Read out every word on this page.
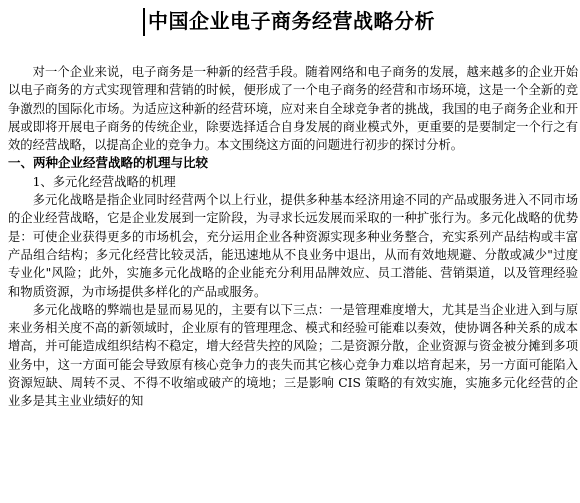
中国企业电子商务经营战略分析

对一个企业来说，电子商务是一种新的经营手段。随着网络和电子商务的发展，越来越多的企业开始以电子商务的方式实现管理和营销的时候，便形成了一个电子商务的经营和市场环境，这是一个全新的竞争激烈的国际化市场。为适应这种新的经营环境，应对来自全球竞争者的挑战，我国的电子商务企业和开展或即将开展电子商务的传统企业，除要选择适合自身发展的商业模式外，更重要的是要制定一个行之有效的经营战略，以提高企业的竞争力。本文围绕这方面的问题进行初步的探讨分析。

一、两种企业经营战略的机理与比较

1、多元化经营战略的机理

多元化战略是指企业同时经营两个以上行业，提供多种基本经济用途不同的产品或服务进入不同市场的企业经营战略，它是企业发展到一定阶段，为寻求长远发展而采取的一种扩张行为。多元化战略的优势是：可使企业获得更多的市场机会，充分运用企业各种资源实现多种业务整合，充实系列产品结构或丰富产品组合结构；多元化经营比较灵活，能迅速地从不良业务中退出，从而有效地规避、分散或减少"过度专业化"风险；此外，实施多元化战略的企业能充分利用品牌效应、员工潜能、营销渠道，以及管理经验和物质资源，为市场提供多样化的产品或服务。

多元化战略的弊端也是显而易见的，主要有以下三点：一是管理难度增大，尤其是当企业进入到与原来业务相关度不高的新领域时，企业原有的管理理念、模式和经验可能难以奏效，使协调各种关系的成本增高，并可能造成组织结构不稳定，增大经营失控的风险；二是资源分散，企业资源与资金被分摊到多项业务中，这一方面可能会导致原有核心竞争力的丧失而其它核心竞争力难以培育起来，另一方面可能陷入资源短缺、周转不灵、不得不收缩或破产的境地；三是影响 CIS 策略的有效实施，实施多元化经营的企业多是其主业业绩好的知
